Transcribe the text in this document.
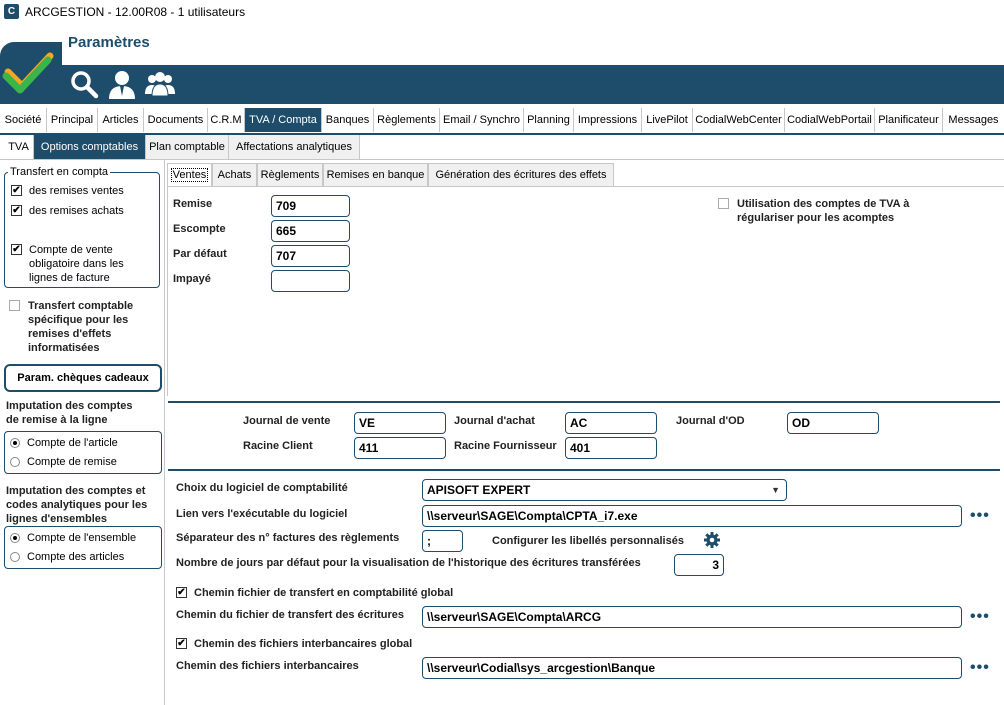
C ARCGESTION - 12.00R08 - 1 utilisateurs
Paramètres
Société Principal Articles Documents C.R.M TVA / Compta Banques Règlements Email / Synchro Planning Impressions LivePilot CodialWebCenter CodialWebPortail Planificateur Messages
TVA	Options comptables Plan comptable	Affectations analytiques
Transfert en compta
✔ des remises ventes
✔ des remises achats
✔ Compte de vente
obligatoire dans les
lignes de facture
Transfert comptable
spécifique pour les
remises d'effets
informatisées
Param. chèques cadeaux
Imputation des comptes
de remise à la ligne
Compte de l'article
Compte de remise
Imputation des comptes et
codes analytiques pour les
lignes d'ensembles
Compte de l'ensemble
Compte des articles
Ventes	Achats Règlements Remises en banque	Génération des écritures des effets
Remise	709
Escompte	665
Par défaut	707
Impayé
Utilisation des comptes de TVA à
régulariser pour les acomptes
Journal de vente	VE	Journal d'achat	AC	Journal d'OD	OD
Racine Client	411	Racine Fournisseur	401
Choix du logiciel de comptabilité	APISOFT EXPERT	▼
Lien vers l'exécutable du logiciel	\\serveur\SAGE\Compta\CPTA_i7.exe	•••
Séparateur des n° factures des règlements	;	Configurer les libellés personnalisés
Nombre de jours par défaut pour la visualisation de l'historique des écritures transférées	3
✔ Chemin fichier de transfert en comptabilité global
Chemin du fichier de transfert des écritures	\\serveur\SAGE\Compta\ARCG	•••
✔ Chemin des fichiers interbancaires global
Chemin des fichiers interbancaires	\\serveur\Codial\sys_arcgestion\Banque	•••
